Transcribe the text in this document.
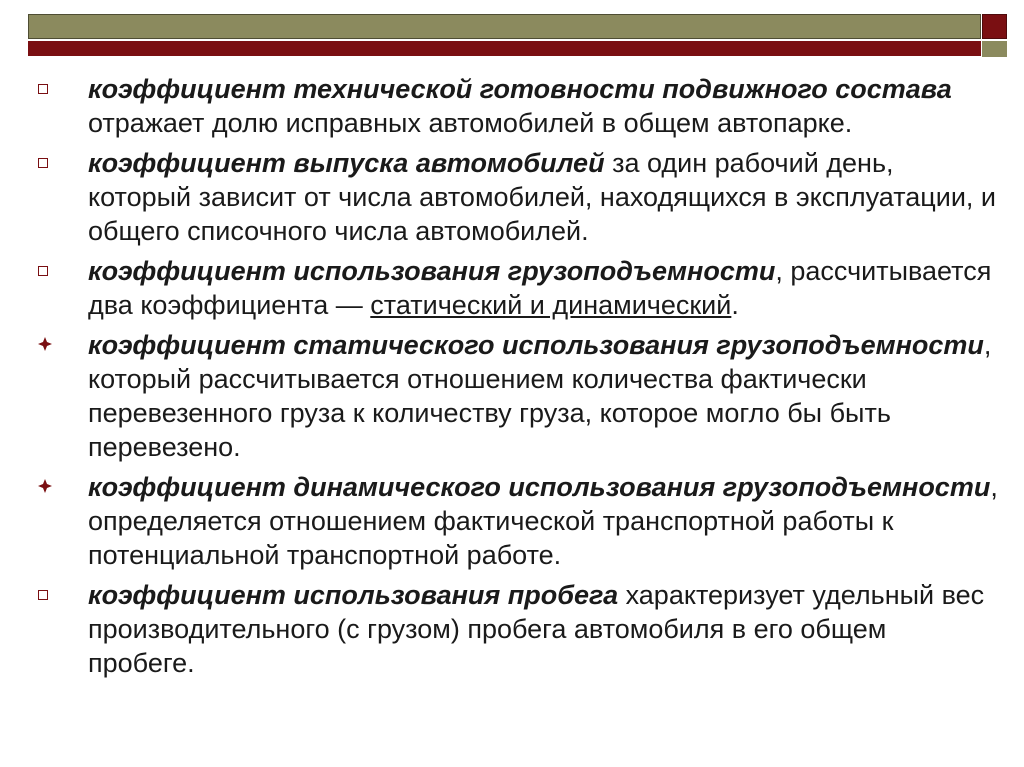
коэффициент технической готовности подвижного состава отражает долю исправных автомобилей в общем автопарке.
коэффициент выпуска автомобилей за один рабочий день, который зависит от числа автомобилей, находящихся в эксплуатации, и общего списочного числа автомобилей.
коэффициент использования грузоподъемности, рассчитывается два коэффициента — статический и динамический.
коэффициент статического использования грузоподъемности, который рассчитывается отношением количества фактически перевезенного груза к количеству груза, которое могло бы быть перевезено.
коэффициент динамического использования грузоподъемности, определяется отношением фактической транспортной работы к потенциальной транспортной работе.
коэффициент использования пробега характеризует удельный вес производительного (с грузом) пробега автомобиля в его общем пробеге.
